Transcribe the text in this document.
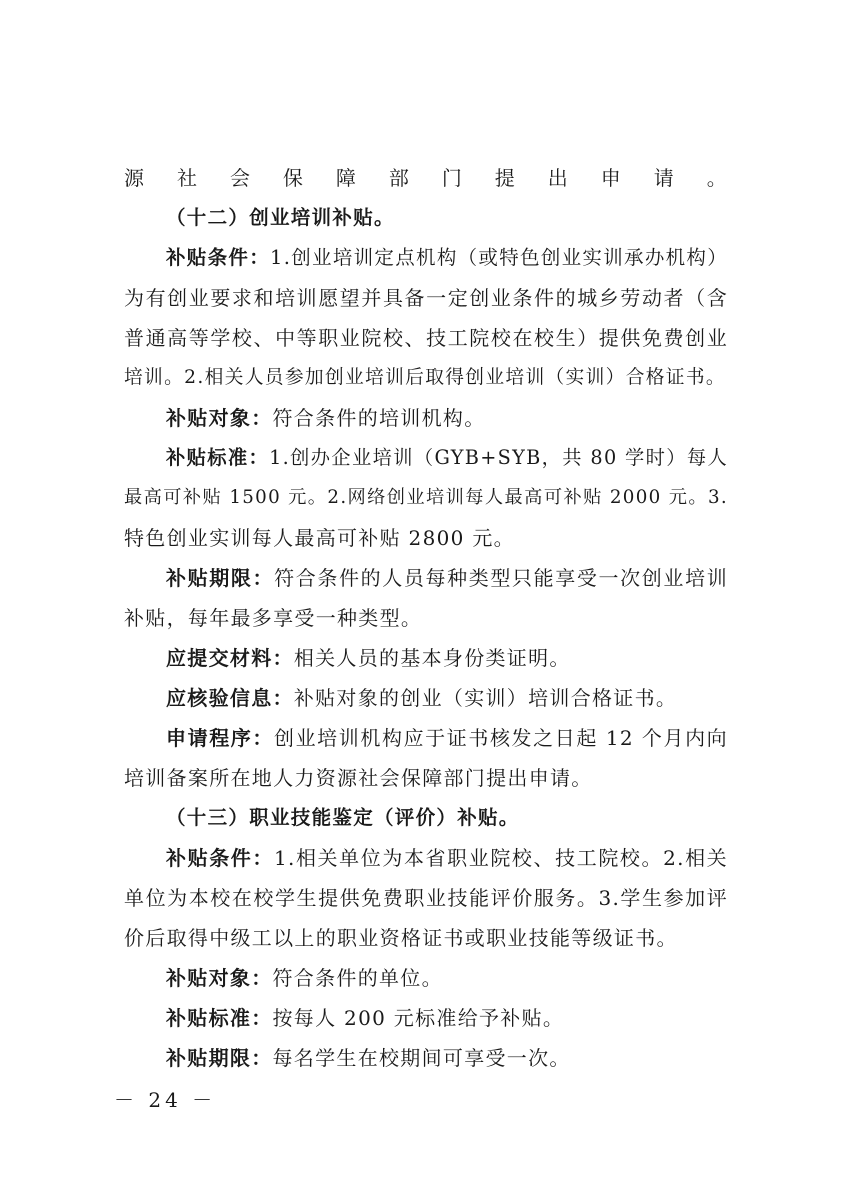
源社会保障部门提出申请。
（十二）创业培训补贴。
补贴条件：1.创业培训定点机构（或特色创业实训承办机构）
为有创业要求和培训愿望并具备一定创业条件的城乡劳动者（含
普通高等学校、中等职业院校、技工院校在校生）提供免费创业
培训。2.相关人员参加创业培训后取得创业培训（实训）合格证书。
补贴对象：符合条件的培训机构。
补贴标准：1.创办企业培训（GYB+SYB，共 80 学时）每人
最高可补贴 1500 元。2.网络创业培训每人最高可补贴 2000 元。3.
特色创业实训每人最高可补贴 2800 元。
补贴期限：符合条件的人员每种类型只能享受一次创业培训
补贴，每年最多享受一种类型。
应提交材料：相关人员的基本身份类证明。
应核验信息：补贴对象的创业（实训）培训合格证书。
申请程序：创业培训机构应于证书核发之日起 12 个月内向
培训备案所在地人力资源社会保障部门提出申请。
（十三）职业技能鉴定（评价）补贴。
补贴条件：1.相关单位为本省职业院校、技工院校。2.相关
单位为本校在校学生提供免费职业技能评价服务。3.学生参加评
价后取得中级工以上的职业资格证书或职业技能等级证书。
补贴对象：符合条件的单位。
补贴标准：按每人 200 元标准给予补贴。
补贴期限：每名学生在校期间可享受一次。
－ 24 －
